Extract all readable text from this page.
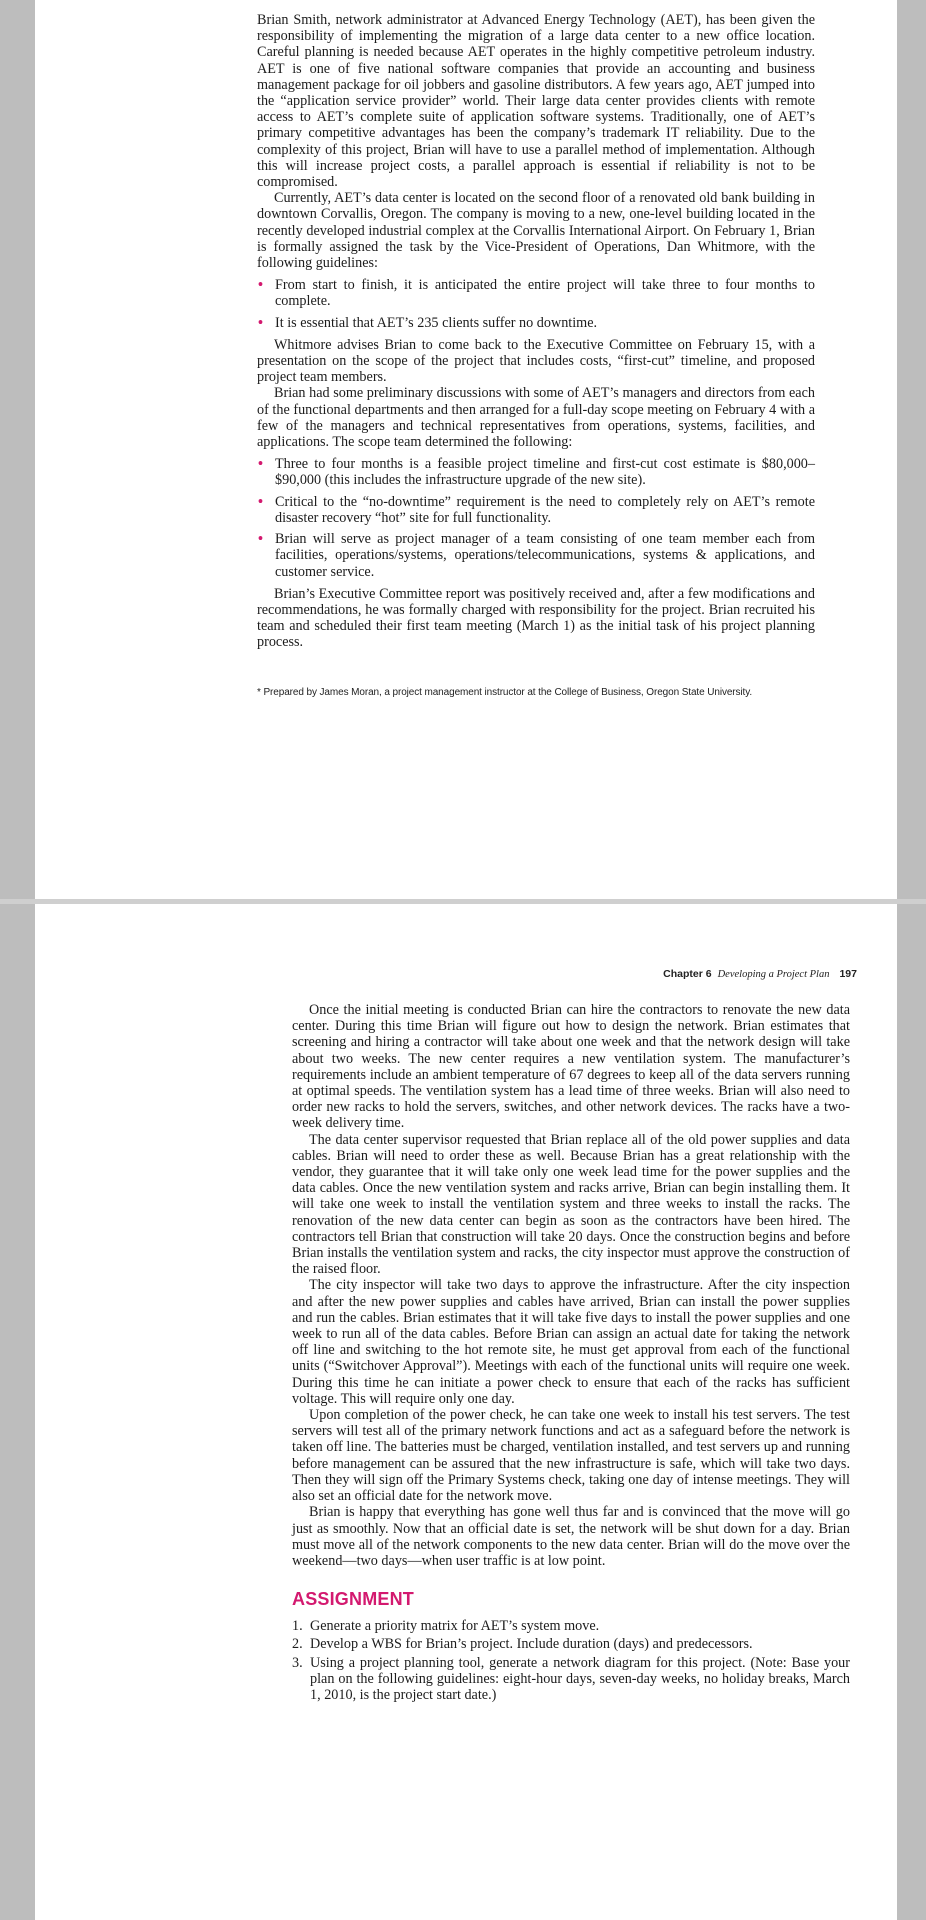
Brian Smith, network administrator at Advanced Energy Technology (AET), has been given the responsibility of implementing the migration of a large data center to a new office location. Careful planning is needed because AET operates in the highly competitive petroleum industry. AET is one of five national software companies that provide an accounting and business management package for oil jobbers and gasoline distributors. A few years ago, AET jumped into the “application service provider” world. Their large data center provides clients with remote access to AET’s complete suite of application software systems. Traditionally, one of AET’s primary competitive advantages has been the company’s trademark IT reliability. Due to the complexity of this project, Brian will have to use a parallel method of implementation. Although this will increase project costs, a parallel approach is essential if reliability is not to be compromised.

Currently, AET’s data center is located on the second floor of a renovated old bank building in downtown Corvallis, Oregon. The company is moving to a new, one-level building located in the recently developed industrial complex at the Corvallis International Airport. On February 1, Brian is formally assigned the task by the Vice-President of Operations, Dan Whitmore, with the following guidelines:

• From start to finish, it is anticipated the entire project will take three to four months to complete.
• It is essential that AET’s 235 clients suffer no downtime.

Whitmore advises Brian to come back to the Executive Committee on February 15, with a presentation on the scope of the project that includes costs, “first-cut” timeline, and proposed project team members.

Brian had some preliminary discussions with some of AET’s managers and directors from each of the functional departments and then arranged for a full-day scope meeting on February 4 with a few of the managers and technical representatives from operations, systems, facilities, and applications. The scope team determined the following:

• Three to four months is a feasible project timeline and first-cut cost estimate is $80,000–$90,000 (this includes the infrastructure upgrade of the new site).
• Critical to the “no-downtime” requirement is the need to completely rely on AET’s remote disaster recovery “hot” site for full functionality.
• Brian will serve as project manager of a team consisting of one team member each from facilities, operations/systems, operations/telecommunications, systems & applications, and customer service.

Brian’s Executive Committee report was positively received and, after a few modifications and recommendations, he was formally charged with responsibility for the project. Brian recruited his team and scheduled their first team meeting (March 1) as the initial task of his project planning process.

* Prepared by James Moran, a project management instructor at the College of Business, Oregon State University.
Chapter 6 Developing a Project Plan 197

Once the initial meeting is conducted Brian can hire the contractors to renovate the new data center. During this time Brian will figure out how to design the network. Brian estimates that screening and hiring a contractor will take about one week and that the network design will take about two weeks. The new center requires a new ventilation system. The manufacturer’s requirements include an ambient temperature of 67 degrees to keep all of the data servers running at optimal speeds. The ventilation system has a lead time of three weeks. Brian will also need to order new racks to hold the servers, switches, and other network devices. The racks have a two-week delivery time.

The data center supervisor requested that Brian replace all of the old power supplies and data cables. Brian will need to order these as well. Because Brian has a great relationship with the vendor, they guarantee that it will take only one week lead time for the power supplies and the data cables. Once the new ventilation system and racks arrive, Brian can begin installing them. It will take one week to install the ventilation system and three weeks to install the racks. The renovation of the new data center can begin as soon as the contractors have been hired. The contractors tell Brian that construction will take 20 days. Once the construction begins and before Brian installs the ventilation system and racks, the city inspector must approve the construction of the raised floor.

The city inspector will take two days to approve the infrastructure. After the city inspection and after the new power supplies and cables have arrived, Brian can install the power supplies and run the cables. Brian estimates that it will take five days to install the power supplies and one week to run all of the data cables. Before Brian can assign an actual date for taking the network off line and switching to the hot remote site, he must get approval from each of the functional units (“Switchover Approval”). Meetings with each of the functional units will require one week. During this time he can initiate a power check to ensure that each of the racks has sufficient voltage. This will require only one day.

Upon completion of the power check, he can take one week to install his test servers. The test servers will test all of the primary network functions and act as a safeguard before the network is taken off line. The batteries must be charged, ventilation installed, and test servers up and running before management can be assured that the new infrastructure is safe, which will take two days. Then they will sign off the Primary Systems check, taking one day of intense meetings. They will also set an official date for the network move.

Brian is happy that everything has gone well thus far and is convinced that the move will go just as smoothly. Now that an official date is set, the network will be shut down for a day. Brian must move all of the network components to the new data center. Brian will do the move over the weekend—two days—when user traffic is at low point.

ASSIGNMENT
1. Generate a priority matrix for AET’s system move.
2. Develop a WBS for Brian’s project. Include duration (days) and predecessors.
3. Using a project planning tool, generate a network diagram for this project. (Note: Base your plan on the following guidelines: eight-hour days, seven-day weeks, no holiday breaks, March 1, 2010, is the project start date.)
